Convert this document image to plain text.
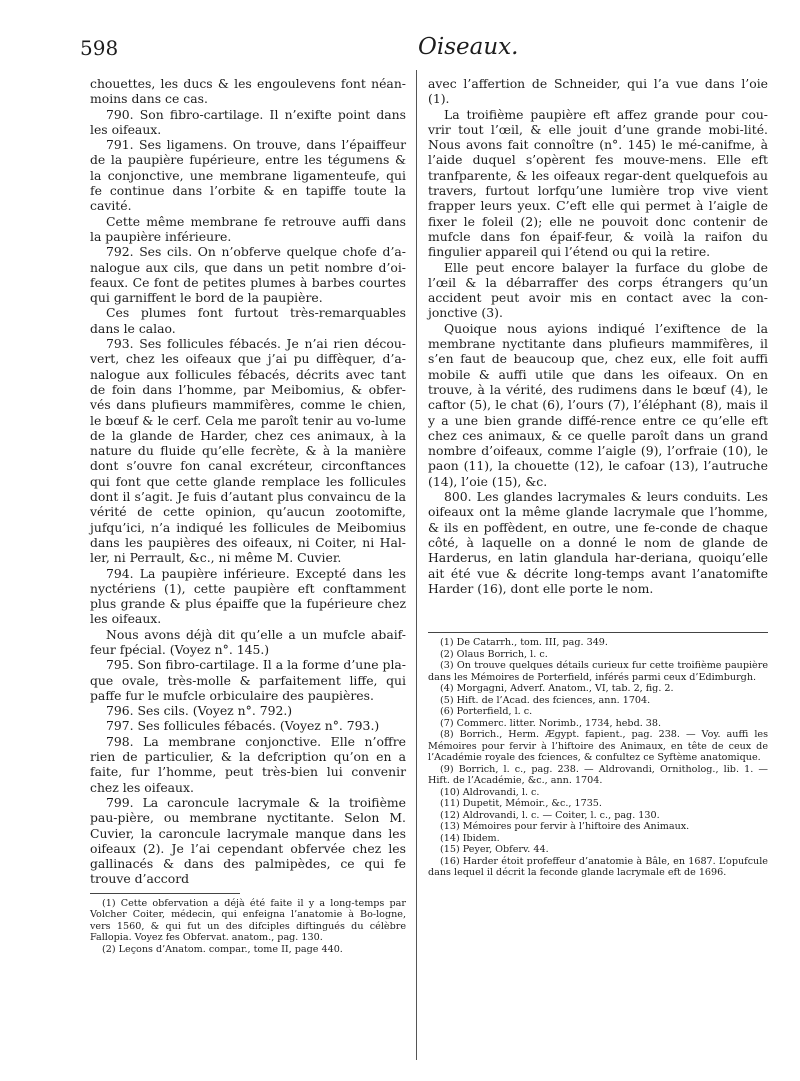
598	Oiseaux.

chouettes, les ducs & les engoulevens font néan-moins dans ce cas.

790. Son fibro-cartilage. Il n’exifte point dans les oifeaux.

791. Ses ligamens. On trouve, dans l’épaiffeur de la paupière fupérieure, entre les tégumens & la conjonctive, une membrane ligamenteufe, qui fe continue dans l’orbite & en tapiffe toute la cavité.

Cette même membrane fe retrouve auffi dans la paupière inférieure.

792. Ses cils. On n’obferve quelque chofe d’a-nalogue aux cils, que dans un petit nombre d’oi-feaux. Ce font de petites plumes à barbes courtes qui garniffent le bord de la paupière.

Ces plumes font furtout très-remarquables dans le calao.

793. Ses follicules fébacés. Je n’ai rien décou-vert, chez les oifeaux que j’ai pu diffèquer, d’a-nalogue aux follicules fébacés, décrits avec tant de foin dans l’homme, par Meibomius, & obfer-vés dans plufieurs mammifères, comme le chien, le bœuf & le cerf. Cela me paroît tenir au vo-lume de la glande de Harder, chez ces animaux, à la nature du fluide qu’elle fecrète, & à la manière dont s’ouvre fon canal excréteur, circonftances qui font que cette glande remplace les follicules dont il s’agit. Je fuis d’autant plus convaincu de la vérité de cette opinion, qu’aucun zootomifte, jufqu’ici, n’a indiqué les follicules de Meibomius dans les paupières des oifeaux, ni Coiter, ni Hal-ler, ni Perrault, &c., ni même M. Cuvier.

794. La paupière inférieure. Excepté dans les nyctériens (1), cette paupière eft conftamment plus grande & plus épaiffe que la fupérieure chez les oifeaux.

Nous avons déjà dit qu’elle a un mufcle abaif-feur fpécial. (Voyez n°. 145.)

795. Son fibro-cartilage. Il a la forme d’une pla-que ovale, très-molle & parfaitement liffe, qui paffe fur le mufcle orbiculaire des paupières.

796. Ses cils. (Voyez n°. 792.)

797. Ses follicules fébacés. (Voyez n°. 793.)

798. La membrane conjonctive. Elle n’offre rien de particulier, & la defcription qu’on en a faite, fur l’homme, peut très-bien lui convenir chez les oifeaux.

799. La caroncule lacrymale & la troifième pau-pière, ou membrane nyctitante. Selon M. Cuvier, la caroncule lacrymale manque dans les oifeaux (2). Je l’ai cependant obfervée chez les gallinacés & dans des palmipèdes, ce qui fe trouve d’accord

(1) Cette obfervation a déjà été faite il y a long-temps par Volcher Coiter, médecin, qui enfeigna l’anatomie à Bo-logne, vers 1560, & qui fut un des difciples diftingués du célèbre Fallopia. Voyez fes Obfervat. anatom., pag. 130.

(2) Leçons d’Anatom. compar., tome II, page 440.

avec l’affertion de Schneider, qui l’a vue dans l’oie (1).

La troifième paupière eft affez grande pour cou-vrir tout l’œil, & elle jouit d’une grande mobi-lité. Nous avons fait connoître (n°. 145) le mé-canifme, à l’aide duquel s’opèrent fes mouve-mens. Elle eft tranfparente, & les oifeaux regar-dent quelquefois au travers, furtout lorfqu’une lumière trop vive vient frapper leurs yeux. C’eft elle qui permet à l’aigle de fixer le foleil (2); elle ne pouvoit donc contenir de mufcle dans fon épaif-feur, & voilà la raifon du fingulier appareil qui l’étend ou qui la retire.

Elle peut encore balayer la furface du globe de l’œil & la débarraffer des corps étrangers qu’un accident peut avoir mis en contact avec la con-jonctive (3).

Quoique nous ayions indiqué l’exiftence de la membrane nyctitante dans plufieurs mammifères, il s’en faut de beaucoup que, chez eux, elle foit auffi mobile & auffi utile que dans les oifeaux. On en trouve, à la vérité, des rudimens dans le bœuf (4), le caftor (5), le chat (6), l’ours (7), l’éléphant (8), mais il y a une bien grande diffé-rence entre ce qu’elle eft chez ces animaux, & ce quelle paroît dans un grand nombre d’oifeaux, comme l’aigle (9), l’orfraie (10), le paon (11), la chouette (12), le cafoar (13), l’autruche (14), l’oie (15), &c.

800. Les glandes lacrymales & leurs conduits. Les oifeaux ont la même glande lacrymale que l’homme, & ils en poffèdent, en outre, une fe-conde de chaque côté, à laquelle on a donné le nom de glande de Harderus, en latin glandula har-deriana, quoiqu’elle ait été vue & décrite long-temps avant l’anatomifte Harder (16), dont elle porte le nom.

(1) De Catarrh., tom. III, pag. 349.

(2) Olaus Borrich, l. c.

(3) On trouve quelques détails curieux fur cette troifième paupière dans les Mémoires de Porterfield, inférés parmi ceux d’Edimburgh.

(4) Morgagni, Adverf. Anatom., VI, tab. 2, fig. 2.

(5) Hift. de l’Acad. des fciences, ann. 1704.

(6) Porterfield, l. c.

(7) Commerc. litter. Norimb., 1734, hebd. 38.

(8) Borrich., Herm. Ægypt. fapient., pag. 238. — Voy. auffi les Mémoires pour fervir à l’hiftoire des Animaux, en tête de ceux de l’Académie royale des fciences, & confultez ce Syftème anatomique.

(9) Borrich, l. c., pag. 238. — Aldrovandi, Ornitholog., lib. 1. — Hift. de l’Académie, &c., ann. 1704.

(10) Aldrovandi, l. c.

(11) Dupetit, Mémoir., &c., 1735.

(12) Aldrovandi, l. c. — Coiter, l. c., pag. 130.

(13) Mémoires pour fervir à l’hiftoire des Animaux.

(14) Ibidem.

(15) Peyer, Obferv. 44.

(16) Harder étoit profeffeur d’anatomie à Bâle, en 1687. L’opufcule dans lequel il décrit la feconde glande lacrymale eft de 1696.
